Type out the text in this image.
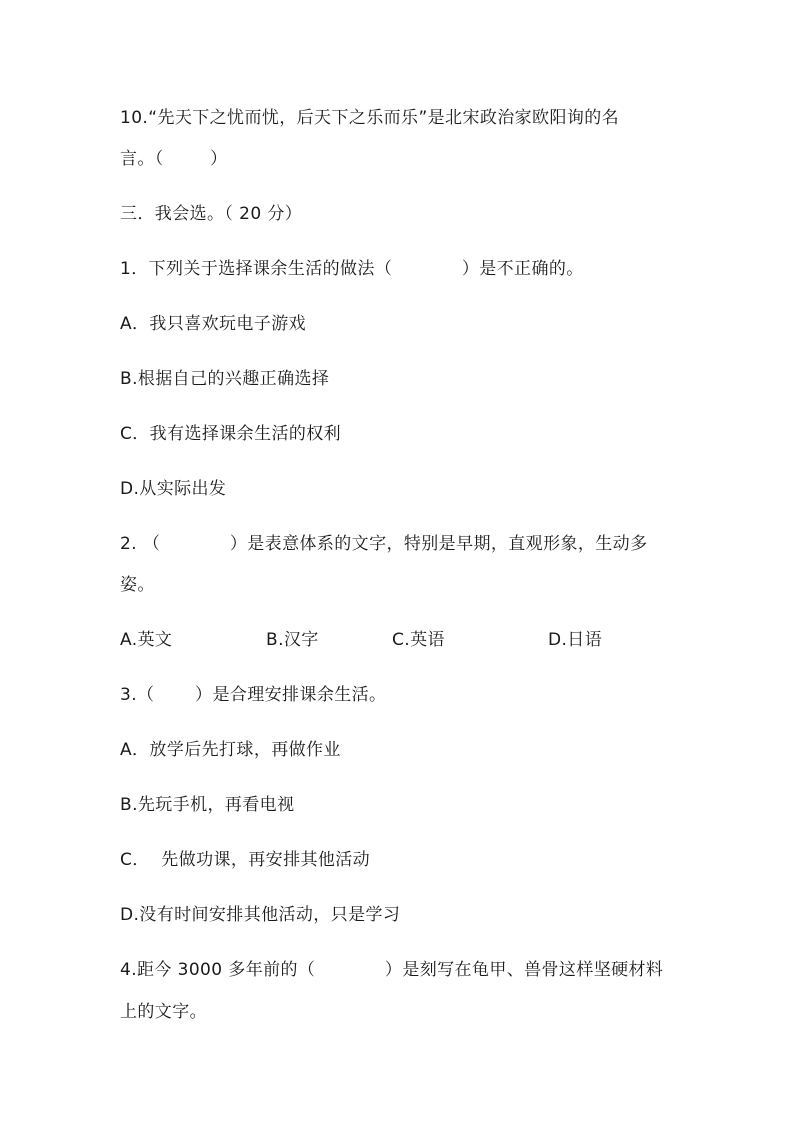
10.“先天下之忧而忧，后天下之乐而乐”是北宋政治家欧阳询的名
言。（        ）
三．我会选。（ 20 分）
1．下列关于选择课余生活的做法（            ）是不正确的。
A．我只喜欢玩电子游戏
B.根据自己的兴趣正确选择
C．我有选择课余生活的权利
D.从实际出发
2. （            ）是表意体系的文字，特别是早期，直观形象，生动多
姿。
A.英文	B.汉字	C.英语	D.日语
3.（       ）是合理安排课余生活。
A．放学后先打球，再做作业
B.先玩手机，再看电视
C．  先做功课，再安排其他活动
D.没有时间安排其他活动，只是学习
4.距今 3000 多年前的（            ）是刻写在龟甲、兽骨这样坚硬材料
上的文字。
